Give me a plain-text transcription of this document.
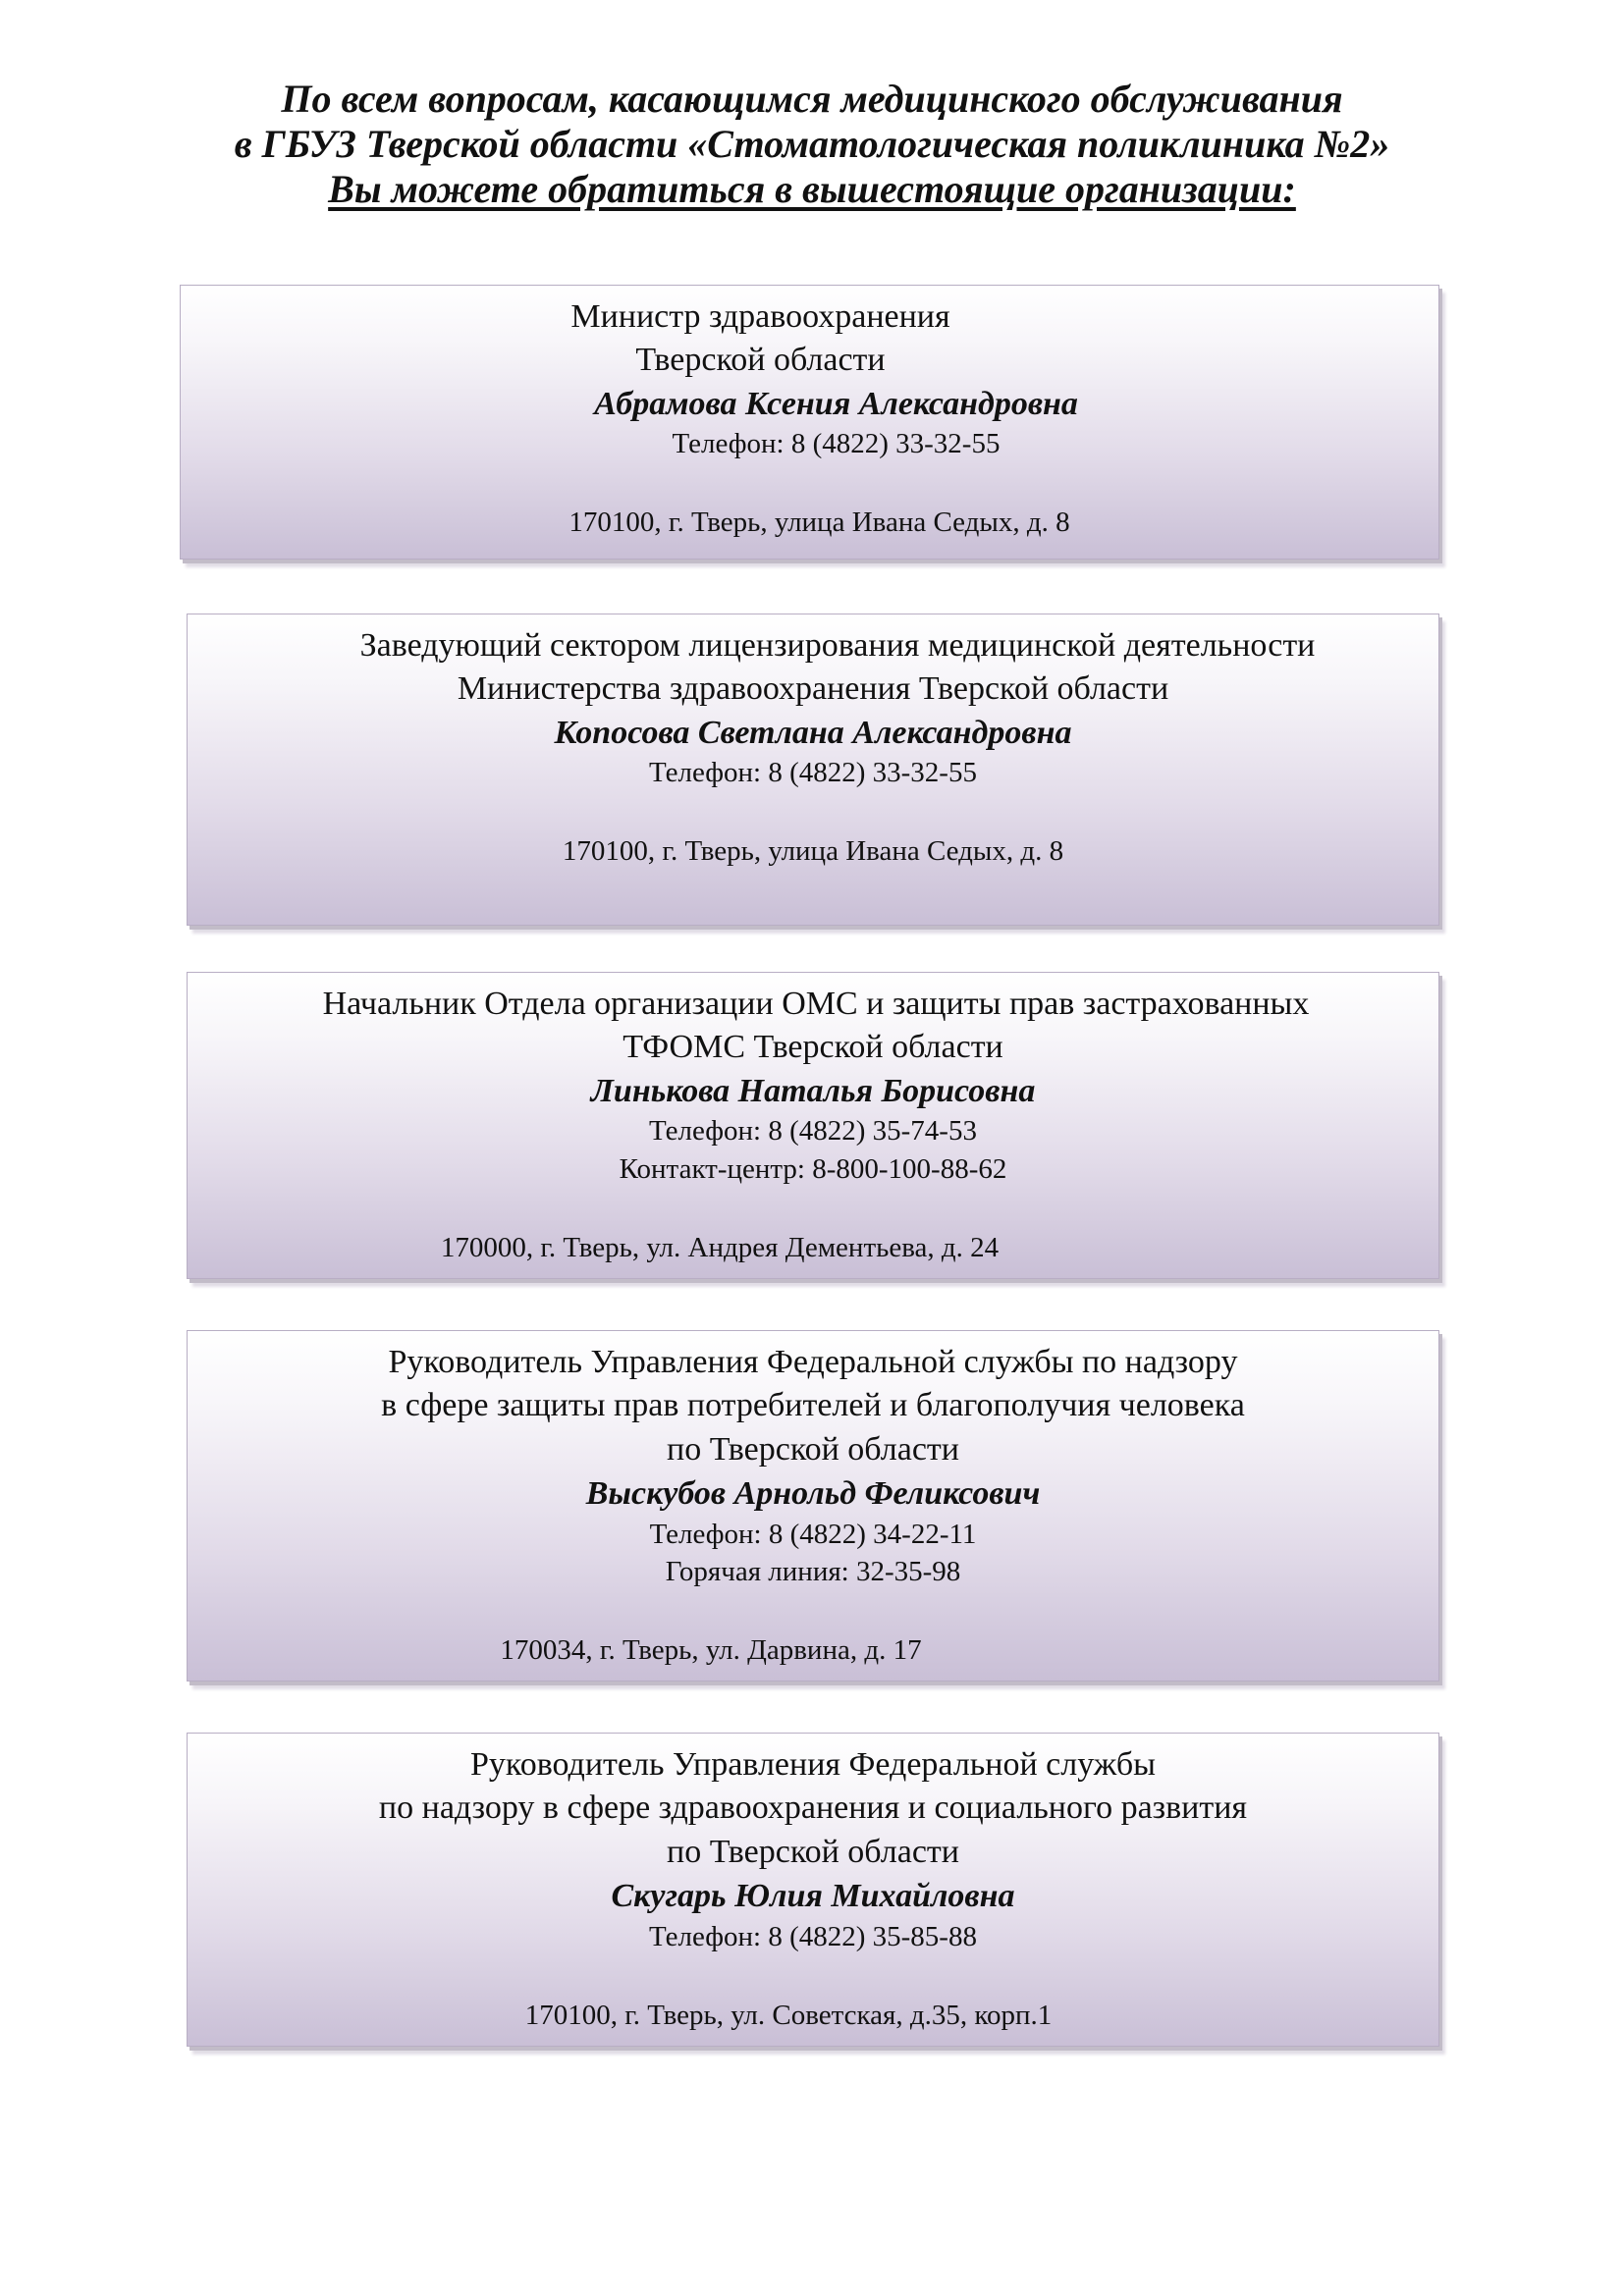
По всем вопросам, касающимся медицинского обслуживания
в ГБУЗ Тверской области «Стоматологическая поликлиника №2»
Вы можете обратиться в вышестоящие организации:
Министр здравоохранения
Тверской области
Абрамова Ксения Александровна
Телефон: 8 (4822) 33-32-55
170100, г. Тверь, улица Ивана Седых, д. 8
Заведующий сектором лицензирования медицинской деятельности
Министерства здравоохранения Тверской области
Копосова Светлана Александровна
Телефон: 8 (4822) 33-32-55
170100, г. Тверь, улица Ивана Седых, д. 8
Начальник Отдела организации ОМС и защиты прав застрахованных
ТФОМС Тверской области
Линькова Наталья Борисовна
Телефон: 8 (4822) 35-74-53
Контакт-центр: 8-800-100-88-62
170000, г. Тверь, ул. Андрея Дементьева, д. 24
Руководитель Управления Федеральной службы по надзору
в сфере защиты прав потребителей и благополучия человека
по Тверской области
Выскубов Арнольд Феликсович
Телефон: 8 (4822) 34-22-11
Горячая линия: 32-35-98
170034, г. Тверь, ул. Дарвина, д. 17
Руководитель Управления Федеральной службы
по надзору в сфере здравоохранения и социального развития
по Тверской области
Скугарь Юлия Михайловна
Телефон: 8 (4822) 35-85-88
170100, г. Тверь, ул. Советская, д.35, корп.1
